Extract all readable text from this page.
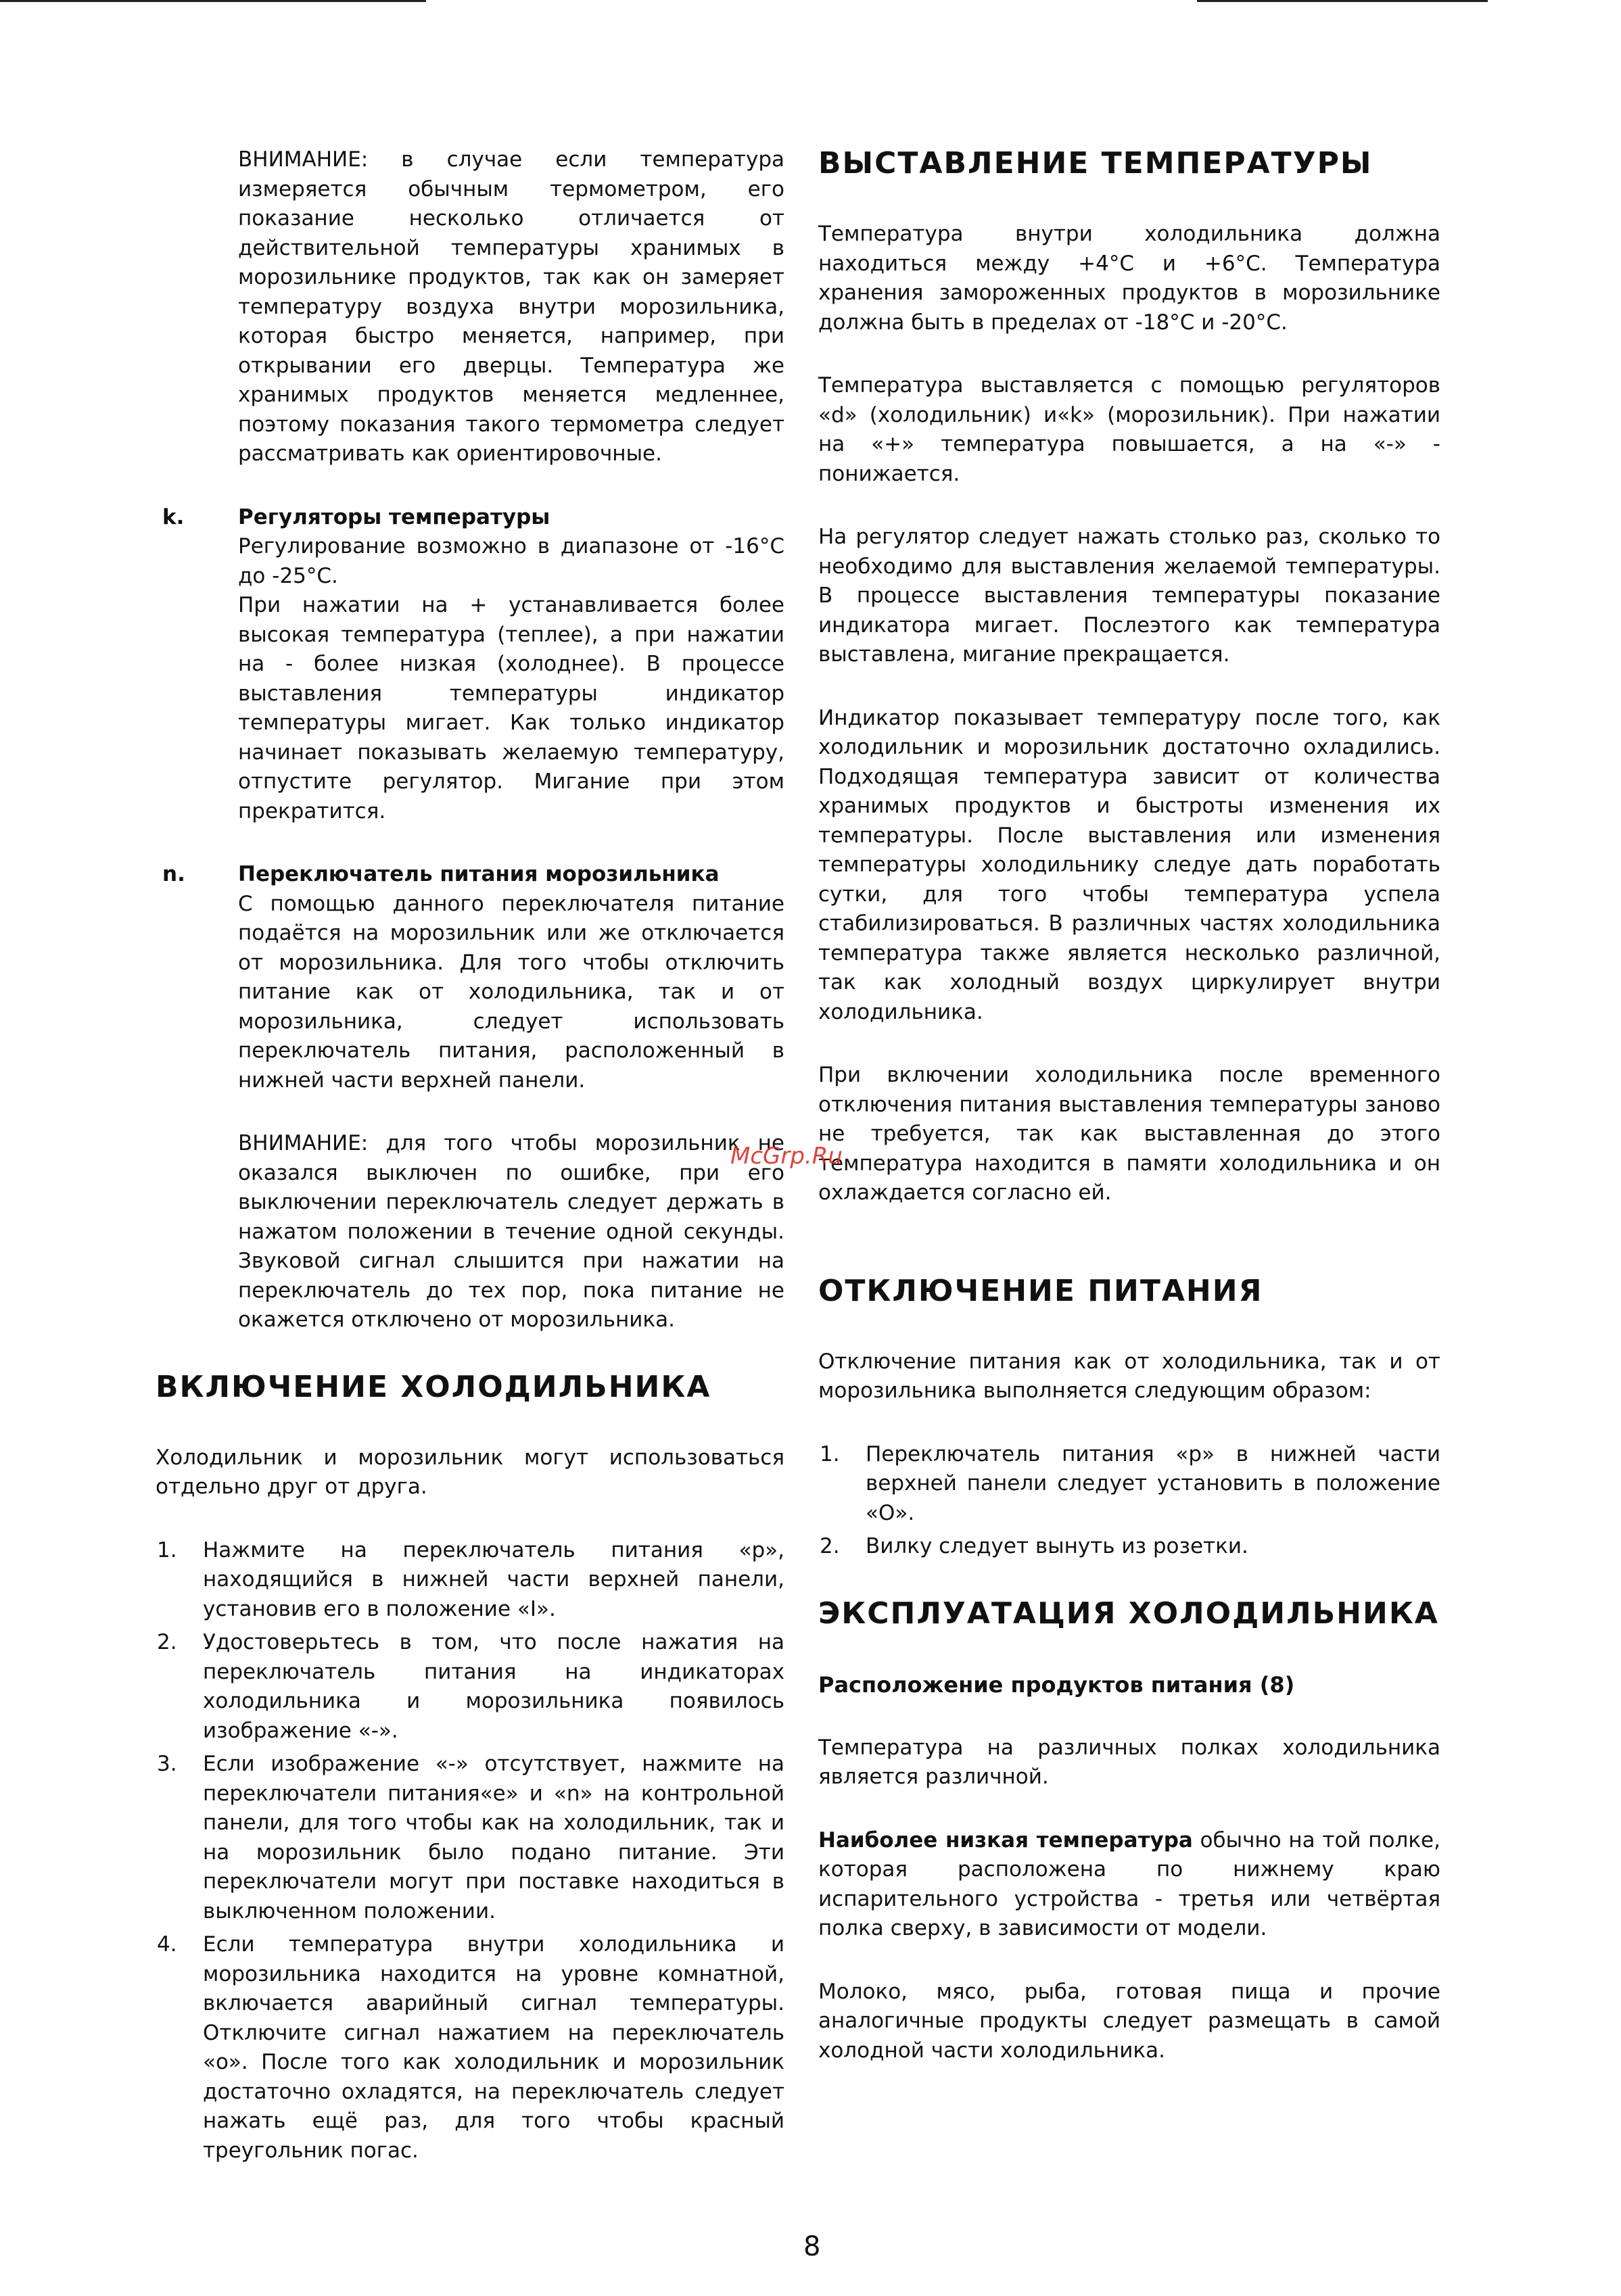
ВНИМАНИЕ: в случае если температура измеряется обычным термометром, его показание несколько отличается от действительной температуры хранимых в морозильнике продуктов, так как он замеряет температуру воздуха внутри морозильника, которая быстро меняется, например, при открывании его дверцы. Температура же хранимых продуктов меняется медленнее, поэтому показания такого термометра следует рассматривать как ориентировочные.

k.	Регуляторы температуры

Регулирование возможно в диапазоне от -16°С до -25°С.

При нажатии на + устанавливается более высокая температура (теплее), а при нажатии на - более низкая (холоднее). В процессе выставления температуры индикатор температуры мигает. Как только индикатор начинает показывать желаемую температуру, отпустите регулятор. Мигание при этом прекратится.

n.	Переключатель питания морозильника

С помощью данного переключателя питание подаётся на морозильник или же отключается от морозильника. Для того чтобы отключить питание как от холодильника, так и от морозильника, следует использовать переключатель питания, расположенный в нижней части верхней панели.

ВНИМАНИЕ: для того чтобы морозильник не оказался выключен по ошибке, при его выключении переключатель следует держать в нажатом положении в течение одной секунды. Звуковой сигнал слышится при нажатии на переключатель до тех пор, пока питание не окажется отключено от морозильника.

ВКЛЮЧЕНИЕ ХОЛОДИЛЬНИКА

Холодильник и морозильник могут использоваться отдельно друг от друга.

1. Нажмите на переключатель питания «р», находящийся в нижней части верхней панели, установив его в положение «I».
2. Удостоверьтесь в том, что после нажатия на переключатель питания на индикаторах холодильника и морозильника появилось изображение «-».
3. Если изображение «-» отсутствует, нажмите на переключатели питания«е» и «n» на контрольной панели, для того чтобы как на холодильник, так и на морозильник было подано питание. Эти переключатели могут при поставке находиться в выключенном положении.
4. Если температура внутри холодильника и морозильника находится на уровне комнатной, включается аварийный сигнал температуры. Отключите сигнал нажатием на переключатель «о». После того как холодильник и морозильник достаточно охладятся, на переключатель следует нажать ещё раз, для того чтобы красный треугольник погас.
ВЫСТАВЛЕНИЕ ТЕМПЕРАТУРЫ

Температура внутри холодильника должна находиться между +4°С и +6°С. Температура хранения замороженных продуктов в морозильнике должна быть в пределах от -18°С и -20°С.

Температура выставляется с помощью регуляторов «d» (холодильник) и«k» (морозильник). При нажатии на «+» температура повышается, а на «-» - понижается.

На регулятор следует нажать столько раз, сколько то необходимо для выставления желаемой температуры. В процессе выставления температуры показание индикатора мигает. Послеэтого как температура выставлена, мигание прекращается.

Индикатор показывает температуру после того, как холодильник и морозильник достаточно охладились. Подходящая температура зависит от количества хранимых продуктов и быстроты изменения их температуры. После выставления или изменения температуры холодильнику следуе дать поработать сутки, для того чтобы температура успела стабилизироваться. В различных частях холодильника температура также является несколько различной, так как холодный воздух циркулирует внутри холодильника.

При включении холодильника после временного отключения питания выставления температуры заново не требуется, так как выставленная до этого температура находится в памяти холодильника и он охлаждается согласно ей.

ОТКЛЮЧЕНИЕ ПИТАНИЯ

Отключение питания как от холодильника, так и от морозильника выполняется следующим образом:

1. Переключатель питания «р» в нижней части верхней панели следует установить в положение «О».
2. Вилку следует вынуть из розетки.
ЭКСПЛУАТАЦИЯ ХОЛОДИЛЬНИКА
Расположение продуктов питания (8)

Температура на различных полках холодильника является различной.

Наиболее низкая температура обычно на той полке, которая расположена по нижнему краю испарительного устройства - третья или четвёртая полка сверху, в зависимости от модели.

Молоко, мясо, рыба, готовая пища и прочие аналогичные продукты следует размещать в самой холодной части холодильника.

McGrp.Ru
8
